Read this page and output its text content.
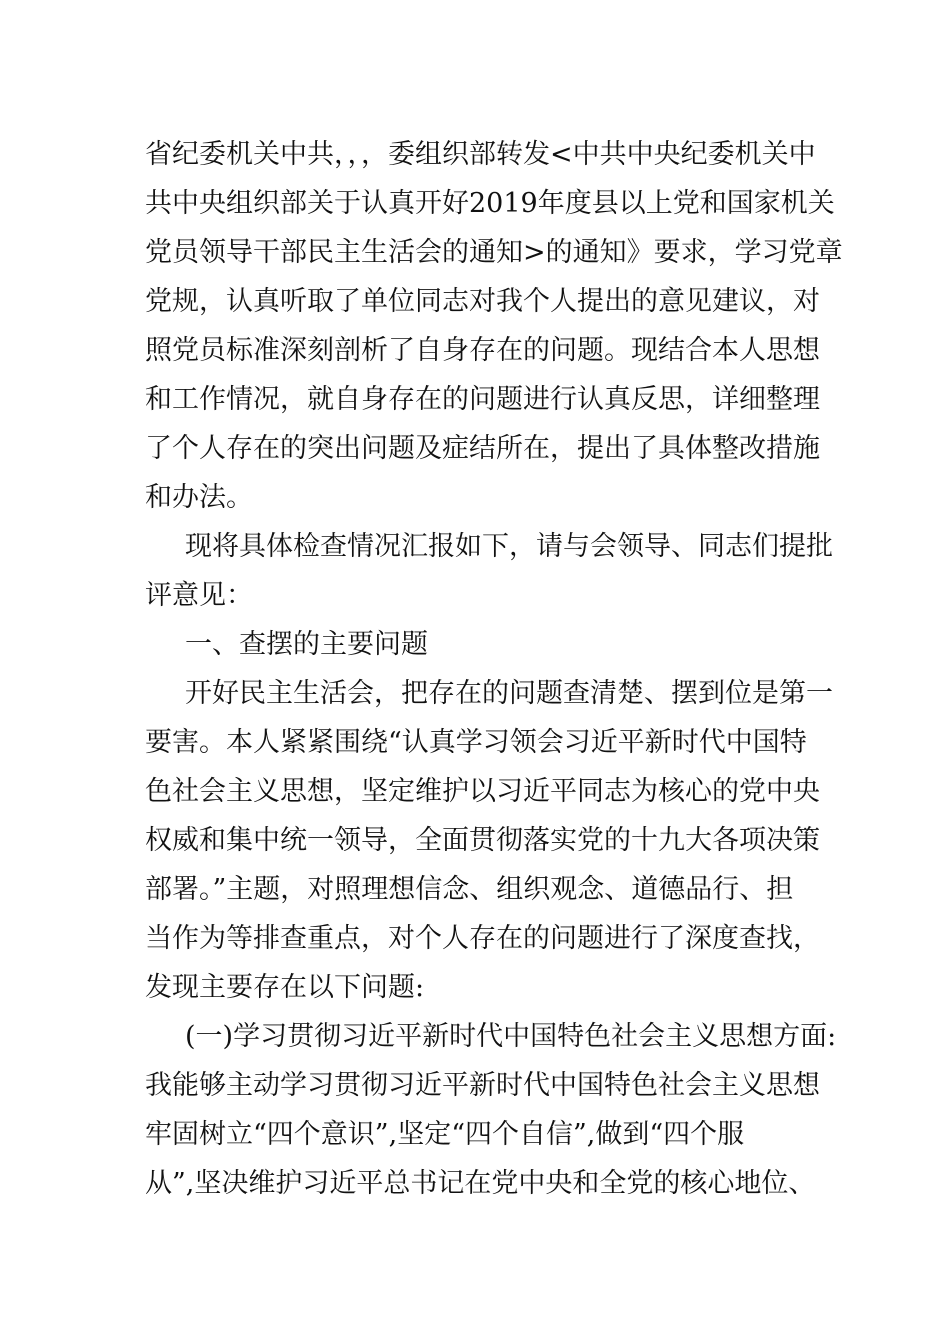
省纪委机关中共，，，委组织部转发<中共中央纪委机关中
共中央组织部关于认真开好2019年度县以上党和国家机关
党员领导干部民主生活会的通知>的通知》要求，学习党章
党规，认真听取了单位同志对我个人提出的意见建议，对
照党员标准深刻剖析了自身存在的问题。现结合本人思想
和工作情况，就自身存在的问题进行认真反思，详细整理
了个人存在的突出问题及症结所在，提出了具体整改措施
和办法。
现将具体检查情况汇报如下，请与会领导、同志们提批
评意见：
一、查摆的主要问题
开好民主生活会，把存在的问题查清楚、摆到位是第一
要害。本人紧紧围绕“认真学习领会习近平新时代中国特
色社会主义思想，坚定维护以习近平同志为核心的党中央
权威和集中统一领导，全面贯彻落实党的十九大各项决策
部署。”主题，对照理想信念、组织观念、道德品行、担
当作为等排查重点，对个人存在的问题进行了深度查找，
发现主要存在以下问题:
(一)学习贯彻习近平新时代中国特色社会主义思想方面:
我能够主动学习贯彻习近平新时代中国特色社会主义思想
牢固树立“四个意识”,坚定“四个自信”,做到“四个服
从”,坚决维护习近平总书记在党中央和全党的核心地位、
